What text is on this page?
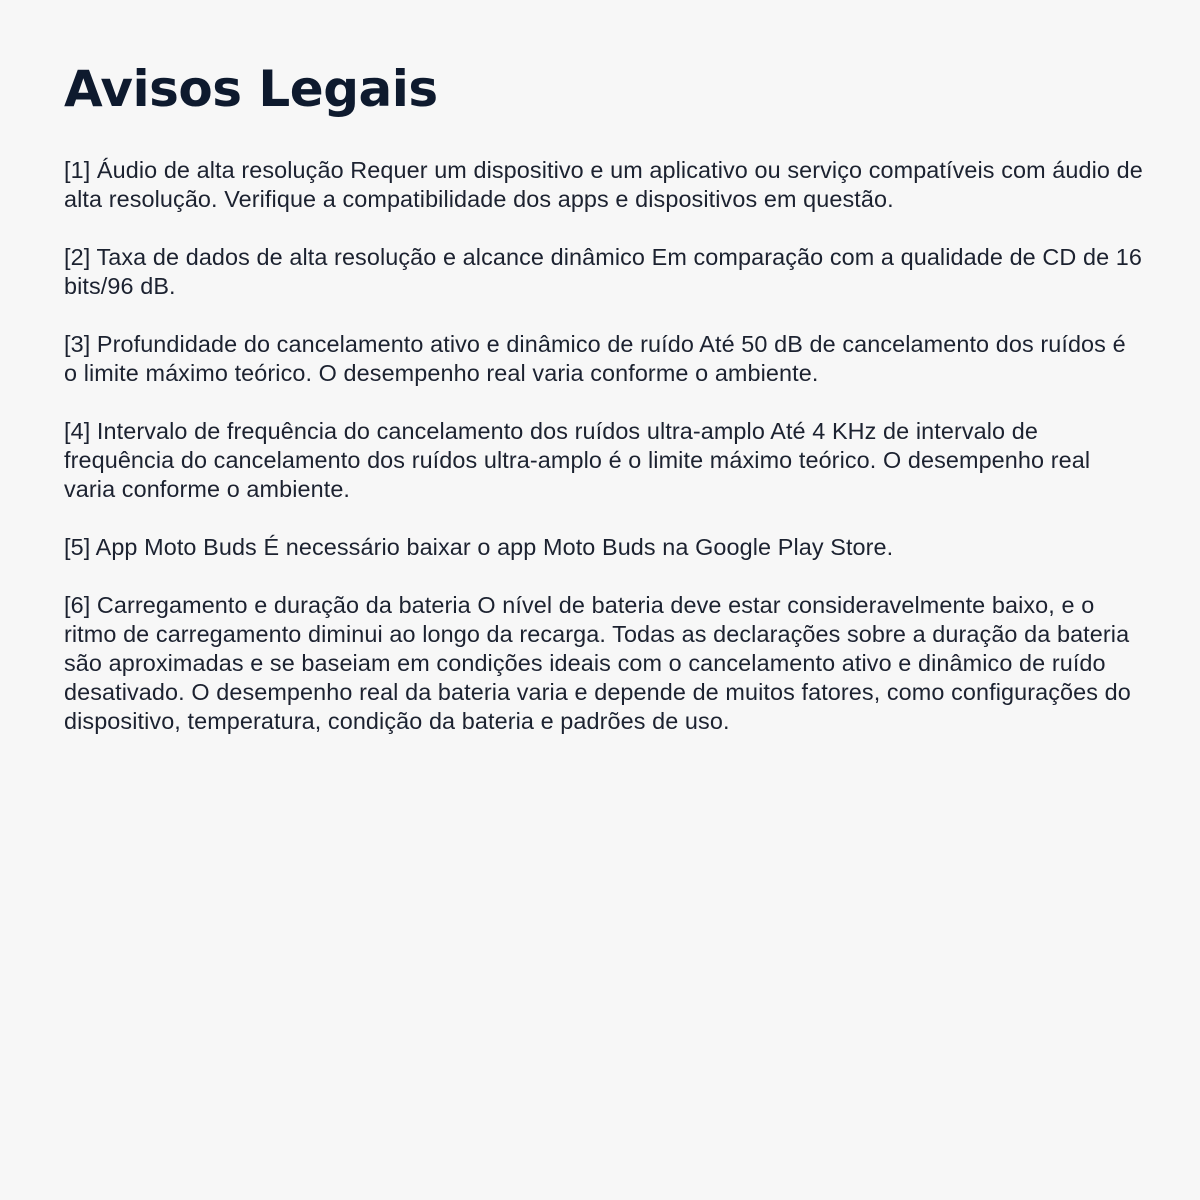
Avisos Legais

[1] Áudio de alta resolução Requer um dispositivo e um aplicativo ou serviço compatíveis com áudio de alta resolução. Verifique a compatibilidade dos apps e dispositivos em questão.

[2] Taxa de dados de alta resolução e alcance dinâmico Em comparação com a qualidade de CD de 16 bits/96 dB.

[3] Profundidade do cancelamento ativo e dinâmico de ruído Até 50 dB de cancelamento dos ruídos é o limite máximo teórico. O desempenho real varia conforme o ambiente.

[4] Intervalo de frequência do cancelamento dos ruídos ultra-amplo Até 4 KHz de intervalo de frequência do cancelamento dos ruídos ultra-amplo é o limite máximo teórico. O desempenho real varia conforme o ambiente.

[5] App Moto Buds É necessário baixar o app Moto Buds na Google Play Store.

[6] Carregamento e duração da bateria O nível de bateria deve estar consideravelmente baixo, e o ritmo de carregamento diminui ao longo da recarga. Todas as declarações sobre a duração da bateria são aproximadas e se baseiam em condições ideais com o cancelamento ativo e dinâmico de ruído desativado. O desempenho real da bateria varia e depende de muitos fatores, como configurações do dispositivo, temperatura, condição da bateria e padrões de uso.
